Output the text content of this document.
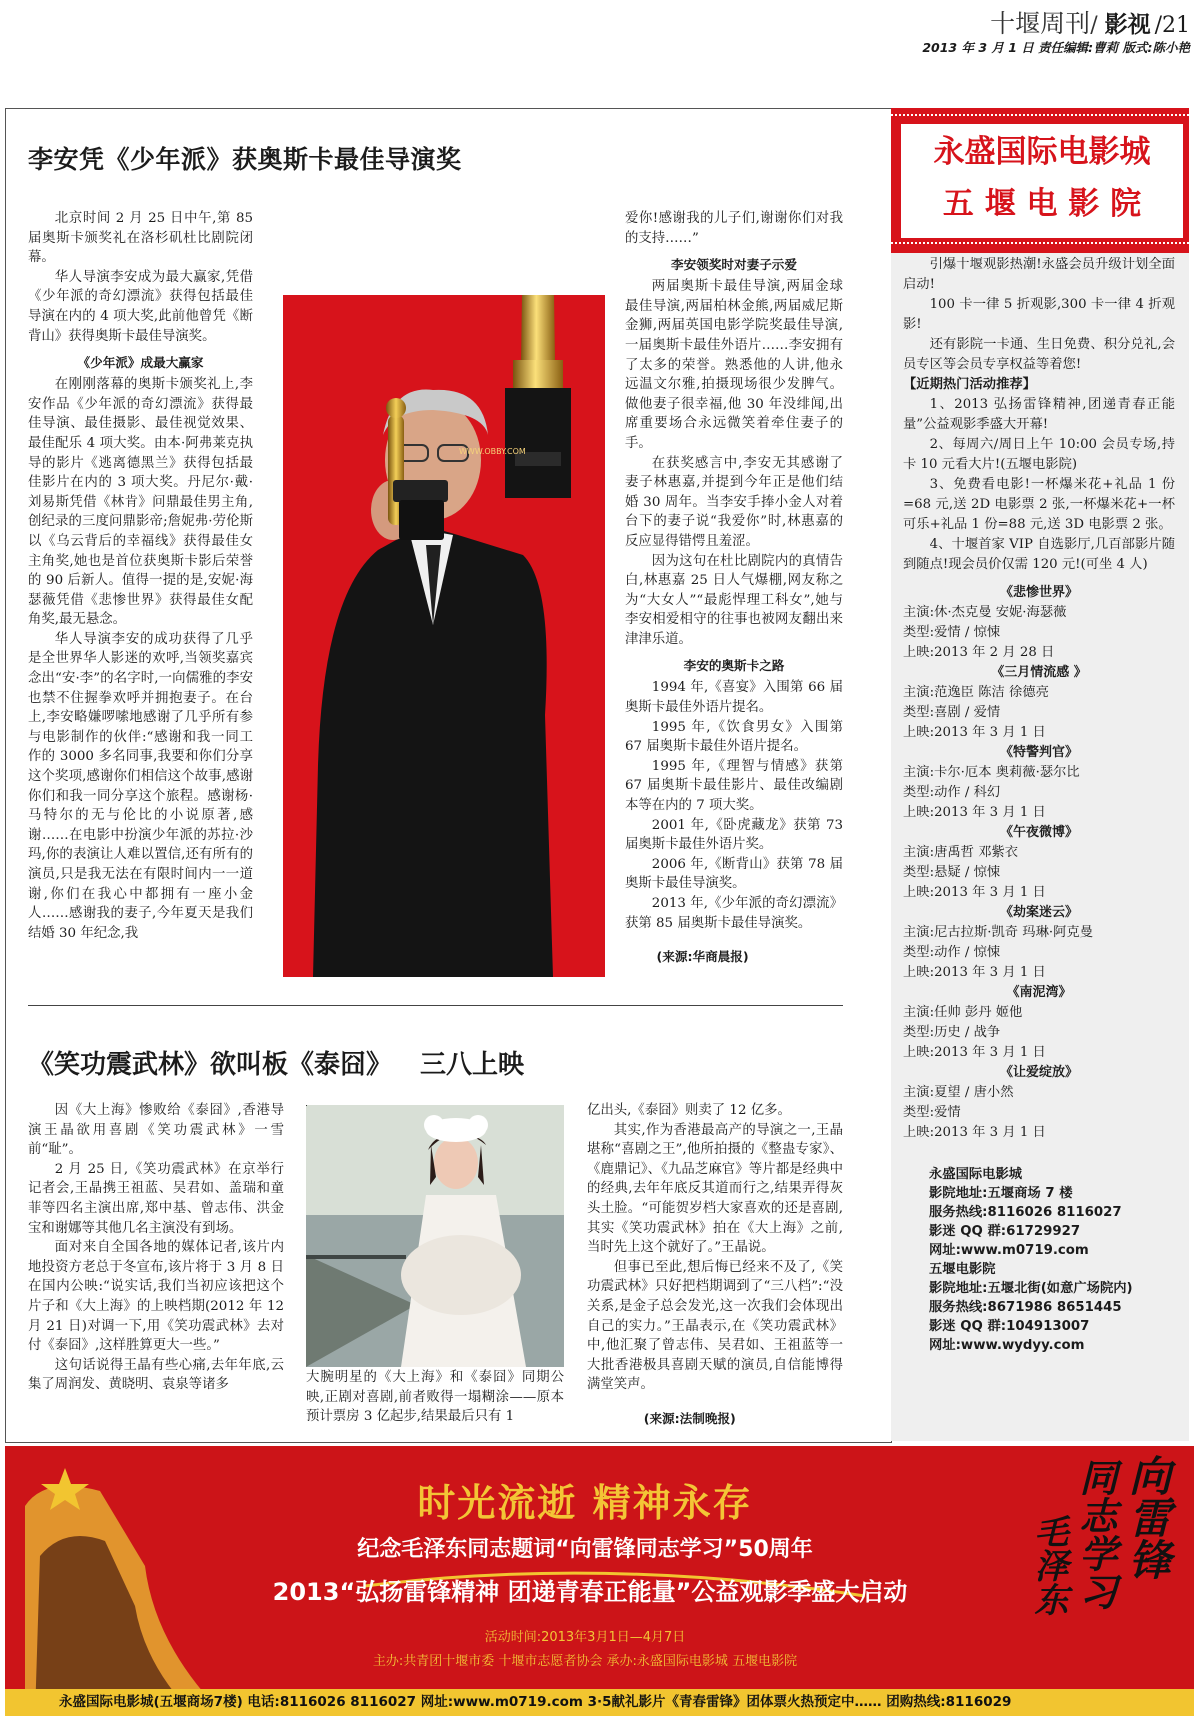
十堰周刊/ 影视 /21
2013 年 3 月 1 日 责任编辑:曹莉 版式:陈小艳
李安凭《少年派》获奥斯卡最佳导演奖
WWW.OBBY.COM

北京时间 2 月 25 日中午,第 85 届奥斯卡颁奖礼在洛杉矶杜比剧院闭幕。

华人导演李安成为最大赢家,凭借《少年派的奇幻漂流》获得包括最佳导演在内的 4 项大奖,此前他曾凭《断背山》获得奥斯卡最佳导演奖。

《少年派》成最大赢家

在刚刚落幕的奥斯卡颁奖礼上,李安作品《少年派的奇幻漂流》获得最佳导演、最佳摄影、最佳视觉效果、最佳配乐 4 项大奖。由本·阿弗莱克执导的影片《逃离德黑兰》获得包括最佳影片在内的 3 项大奖。丹尼尔·戴·刘易斯凭借《林肯》问鼎最佳男主角,创纪录的三度问鼎影帝;詹妮弗·劳伦斯以《乌云背后的幸福线》获得最佳女主角奖,她也是首位获奥斯卡影后荣誉的 90 后新人。值得一提的是,安妮·海瑟薇凭借《悲惨世界》获得最佳女配角奖,最无悬念。

华人导演李安的成功获得了几乎是全世界华人影迷的欢呼,当领奖嘉宾念出“安·李”的名字时,一向儒雅的李安也禁不住握拳欢呼并拥抱妻子。在台上,李安略嫌啰嗦地感谢了几乎所有参与电影制作的伙伴:“感谢和我一同工作的 3000 多名同事,我要和你们分享这个奖项,感谢你们相信这个故事,感谢你们和我一同分享这个旅程。感谢杨·马特尔的无与伦比的小说原著,感谢……在电影中扮演少年派的苏拉·沙玛,你的表演让人难以置信,还有所有的演员,只是我无法在有限时间内一一道谢,你们在我心中都拥有一座小金人……感谢我的妻子,今年夏天是我们结婚 30 年纪念,我

爱你!感谢我的儿子们,谢谢你们对我的支持……”

李安领奖时对妻子示爱

两届奥斯卡最佳导演,两届金球最佳导演,两届柏林金熊,两届威尼斯金狮,两届英国电影学院奖最佳导演,一届奥斯卡最佳外语片……李安拥有了太多的荣誉。熟悉他的人讲,他永远温文尔雅,拍摄现场很少发脾气。做他妻子很幸福,他 30 年没绯闻,出席重要场合永远微笑着牵住妻子的手。

在获奖感言中,李安无其感谢了妻子林惠嘉,并提到今年正是他们结婚 30 周年。当李安手捧小金人对着台下的妻子说“我爱你”时,林惠嘉的反应显得错愕且羞涩。

因为这句在杜比剧院内的真情告白,林惠嘉 25 日人气爆棚,网友称之为“大女人”“最彪悍理工科女”,她与李安相爱相守的往事也被网友翻出来津津乐道。

李安的奥斯卡之路

1994 年,《喜宴》入围第 66 届奥斯卡最佳外语片提名。

1995 年,《饮食男女》入围第 67 届奥斯卡最佳外语片提名。

1995 年,《理智与情感》获第 67 届奥斯卡最佳影片、最佳改编剧本等在内的 7 项大奖。

2001 年,《卧虎藏龙》获第 73 届奥斯卡最佳外语片奖。

2006 年,《断背山》获第 78 届奥斯卡最佳导演奖。

2013 年,《少年派的奇幻漂流》获第 85 届奥斯卡最佳导演奖。

(来源:华商晨报)

《笑功震武林》欲叫板《泰囧》 三八上映

因《大上海》惨败给《泰囧》,香港导演王晶欲用喜剧《笑功震武林》一雪前“耻”。

2 月 25 日,《笑功震武林》在京举行记者会,王晶携王祖蓝、吴君如、盖瑞和童菲等四名主演出席,郑中基、曾志伟、洪金宝和谢娜等其他几名主演没有到场。

面对来自全国各地的媒体记者,该片内地投资方老总于冬宣布,该片将于 3 月 8 日在国内公映:“说实话,我们当初应该把这个片子和《大上海》的上映档期(2012 年 12 月 21 日)对调一下,用《笑功震武林》去对付《泰囧》,这样胜算更大一些。”

这句话说得王晶有些心痛,去年年底,云集了周润发、黄晓明、袁泉等诸多	大腕明星的《大上海》和《泰囧》同期公映,正剧对喜剧,前者败得一塌糊涂——原本预计票房 3 亿起步,结果最后只有 1

亿出头,《泰囧》则卖了 12 亿多。

其实,作为香港最高产的导演之一,王晶堪称“喜剧之王”,他所拍摄的《整蛊专家》、《鹿鼎记》、《九品芝麻官》等片都是经典中的经典,去年年底反其道而行之,结果弄得灰头土脸。“可能贺岁档大家喜欢的还是喜剧,其实《笑功震武林》拍在《大上海》之前,当时先上这个就好了。”王晶说。

但事已至此,想后悔已经来不及了,《笑功震武林》只好把档期调到了“三八档”:“没关系,是金子总会发光,这一次我们会体现出自己的实力。”王晶表示,在《笑功震武林》中,他汇聚了曾志伟、吴君如、王祖蓝等一大批香港极具喜剧天赋的演员,自信能博得满堂笑声。

(来源:法制晚报)

永盛国际电影城
五 堰 电 影 院

引爆十堰观影热潮!永盛会员升级计划全面启动!

100 卡一律 5 折观影,300 卡一律 4 折观影!

还有影院一卡通、生日免费、积分兑礼,会员专区等会员专享权益等着您!

【近期热门活动推荐】

1、2013 弘扬雷锋精神,团递青春正能量”公益观影季盛大开幕!

2、每周六/周日上午 10:00 会员专场,持卡 10 元看大片!(五堰电影院)

3、免费看电影!一杯爆米花+礼品 1 份=68 元,送 2D 电影票 2 张,一杯爆米花+一杯可乐+礼品 1 份=88 元,送 3D 电影票 2 张。

4、十堰首家 VIP 自选影厅,几百部影片随到随点!现会员价仅需 120 元!(可坐 4 人)

《悲惨世界》

主演:休·杰克曼 安妮·海瑟薇

类型:爱情 / 惊悚

上映:2013 年 2 月 28 日

《三月情流感 》

主演:范逸臣 陈洁 徐德亮

类型:喜剧 / 爱情

上映:2013 年 3 月 1 日

《特警判官》

主演:卡尔·厄本 奥莉薇·瑟尔比

类型:动作 / 科幻

上映:2013 年 3 月 1 日

《午夜微博》

主演:唐禹哲 邓紫衣

类型:悬疑 / 惊悚

上映:2013 年 3 月 1 日

《劫案迷云》

主演:尼古拉斯·凯奇 玛琳·阿克曼

类型:动作 / 惊悚

上映:2013 年 3 月 1 日

《南泥湾》

主演:任帅 彭丹 姬他

类型:历史 / 战争

上映:2013 年 3 月 1 日

《让爱绽放》

主演:夏望 / 唐小然

类型:爱情

上映:2013 年 3 月 1 日

永盛国际电影城

影院地址:五堰商场 7 楼

服务热线:8116026 8116027

影迷 QQ 群:61729927

网址:www.m0719.com

五堰电影院

影院地址:五堰北街(如意广场院内)

服务热线:8671986 8651445

影迷 QQ 群:104913007

网址:www.wydyy.com

时光流逝 精神永存
纪念毛泽东同志题词“向雷锋同志学习”50周年
2013“弘扬雷锋精神 团递青春正能量”公益观影季盛大启动
活动时间:2013年3月1日—4月7日
主办:共青团十堰市委 十堰市志愿者协会 承办:永盛国际电影城 五堰电影院
向雷锋
同志学习
毛泽东
永盛国际电影城(五堰商场7楼) 电话:8116026 8116027 网址:www.m0719.com 3·5献礼影片《青春雷锋》团体票火热预定中…… 团购热线:8116029
